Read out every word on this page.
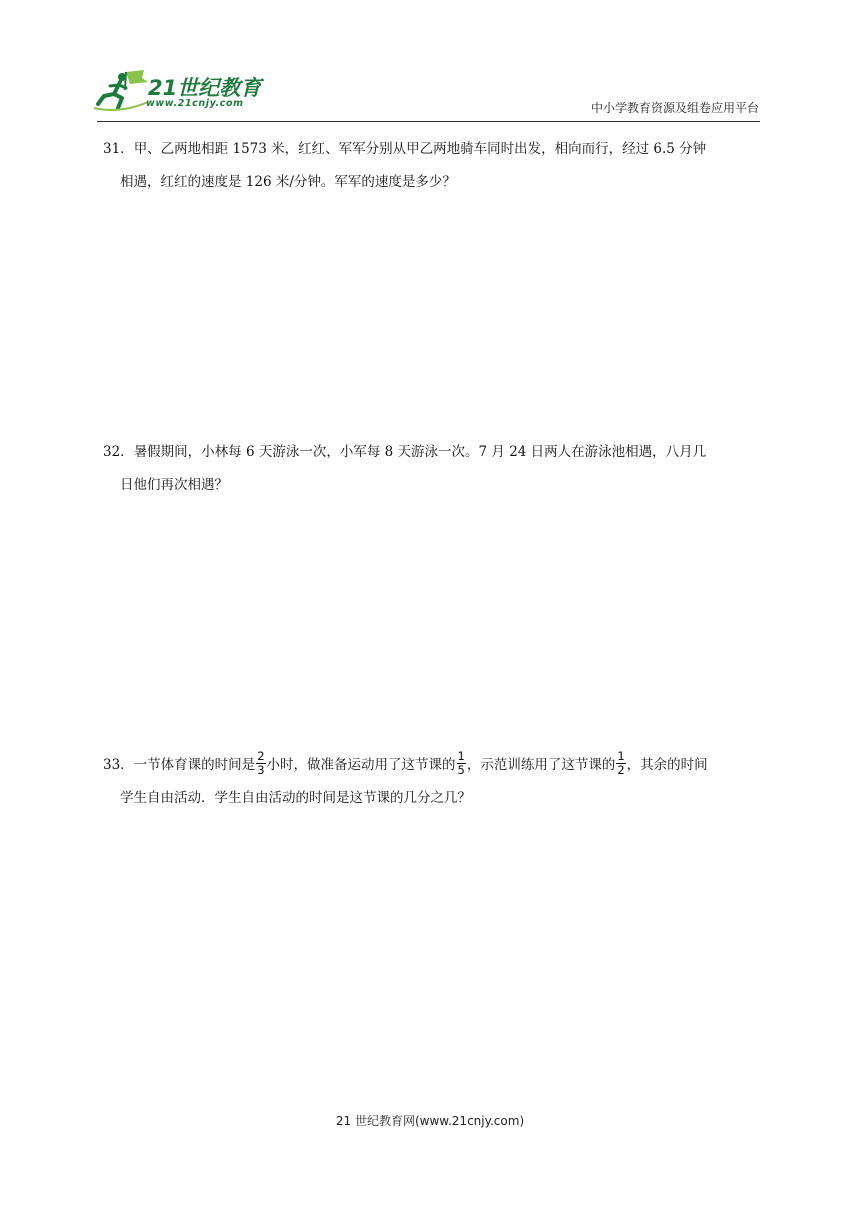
21世纪教育
www.21cnjy.com	中小学教育资源及组卷应用平台
31．甲、乙两地相距 1573 米，红红、军军分别从甲乙两地骑车同时出发，相向而行，经过 6.5 分钟
相遇，红红的速度是 126 米/分钟。军军的速度是多少？
32．暑假期间，小林每 6 天游泳一次，小军每 8 天游泳一次。7 月 24 日两人在游泳池相遇，八月几
日他们再次相遇？
33．一节体育课的时间是 $\frac{2}{3}$ 小时，做准备运动用了这节课的 $\frac{1}{5}$ ，示范训练用了这节课的 $\frac{1}{2}$ ，其余的时间
学生自由活动．学生自由活动的时间是这节课的几分之几？
21 世纪教育网(www.21cnjy.com)
